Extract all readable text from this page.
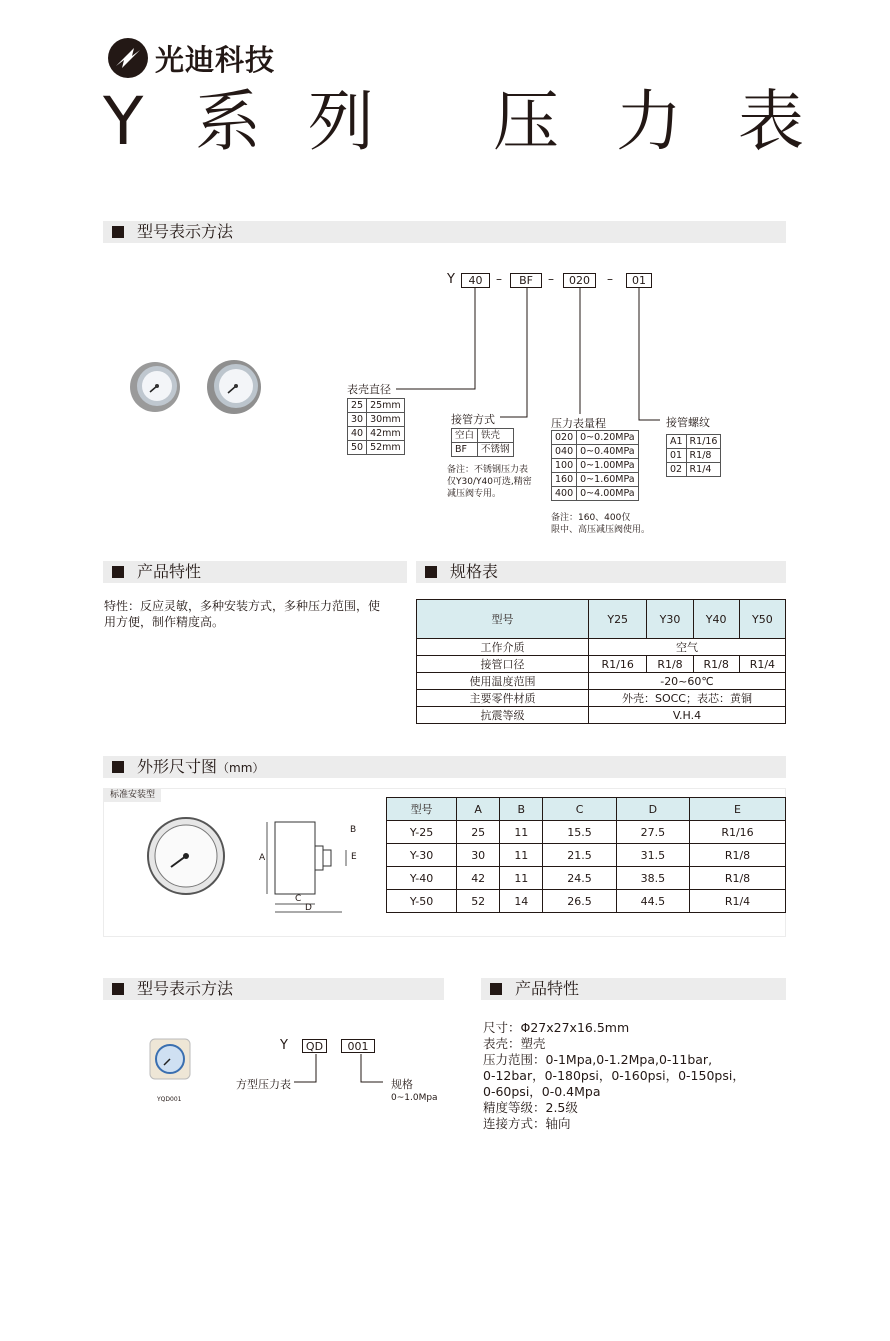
光迪科技
Y 系 列 压 力 表
型号表示方法
Y	40	–	BF	–	020	–	01
表壳直径
25	25mm
30	30mm
40	42mm
50	52mm
接管方式
空白	铁壳
BF	不锈钢
备注：不锈钢压力表
仅Y30/Y40可选,精密
减压阀专用。
压力表量程
020	0~0.20MPa
040	0~0.40MPa
100	0~1.00MPa
160	0~1.60MPa
400	0~4.00MPa
备注：160、400仅
限中、高压减压阀使用。
接管螺纹
A1	R1/16
01	R1/8
02	R1/4
产品特性
特性：反应灵敏，多种安装方式，多种压力范围，使
用方便，制作精度高。
规格表
型号	Y25	Y30	Y40	Y50
工作介质	空气			
接管口径	R1/16	R1/8	R1/8	R1/4
使用温度范围	-20~60℃			
主要零件材质	外壳：SOCC；表芯：黄铜			
抗震等级	V.H.4			
外形尺寸图（mm）
标准安装型
A
B
C
D
E
型号	A	B	C	D	E
Y-25	25	11	15.5	27.5	R1/16
Y-30	30	11	21.5	31.5	R1/8
Y-40	42	11	24.5	38.5	R1/8
Y-50	52	14	26.5	44.5	R1/4
型号表示方法
YQD001
Y	QD	001
方型压力表	规格
0~1.0Mpa
产品特性
尺寸：Φ27x27x16.5mm
表壳：塑壳
压力范围：0-1Mpa,0-1.2Mpa,0-11bar,
0-12bar，0-180psi，0-160psi，0-150psi，
0-60psi，0-0.4Mpa
精度等级：2.5级
连接方式：轴向
